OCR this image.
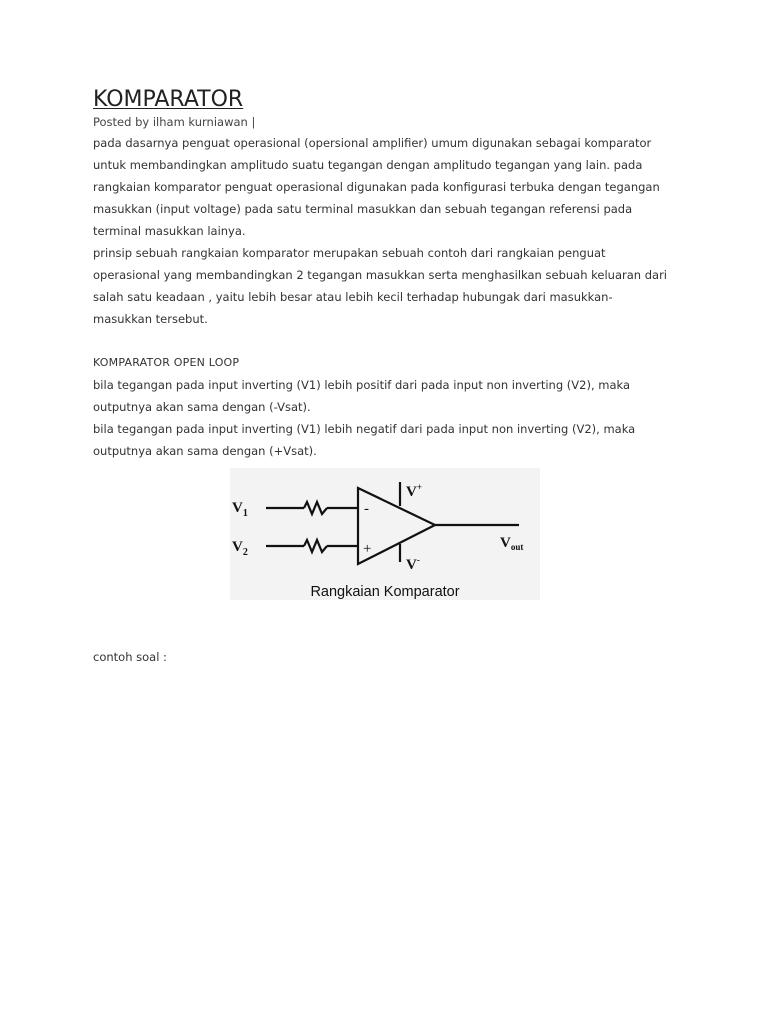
KOMPARATOR

Posted by ilham kurniawan |

pada dasarnya penguat operasional (opersional amplifier) umum digunakan sebagai komparator

untuk membandingkan amplitudo suatu tegangan dengan amplitudo tegangan yang lain. pada

rangkaian komparator penguat operasional digunakan pada konfigurasi terbuka dengan tegangan

masukkan (input voltage) pada satu terminal masukkan dan sebuah tegangan referensi pada

terminal masukkan lainya.

prinsip sebuah rangkaian komparator merupakan sebuah contoh dari rangkaian penguat

operasional yang membandingkan 2 tegangan masukkan serta menghasilkan sebuah keluaran dari

salah satu keadaan , yaitu lebih besar atau lebih kecil terhadap hubungak dari masukkan-

masukkan tersebut.

KOMPARATOR OPEN LOOP

bila tegangan pada input inverting (V1) lebih positif dari pada input non inverting (V2), maka

outputnya akan sama dengan (-Vsat).

bila tegangan pada input inverting (V1) lebih negatif dari pada input non inverting (V2), maka

outputnya akan sama dengan (+Vsat).

$V_1$
$V_2$
-
+
V+
V-
$V_{out}$
Rangkaian Komparator

contoh soal :
